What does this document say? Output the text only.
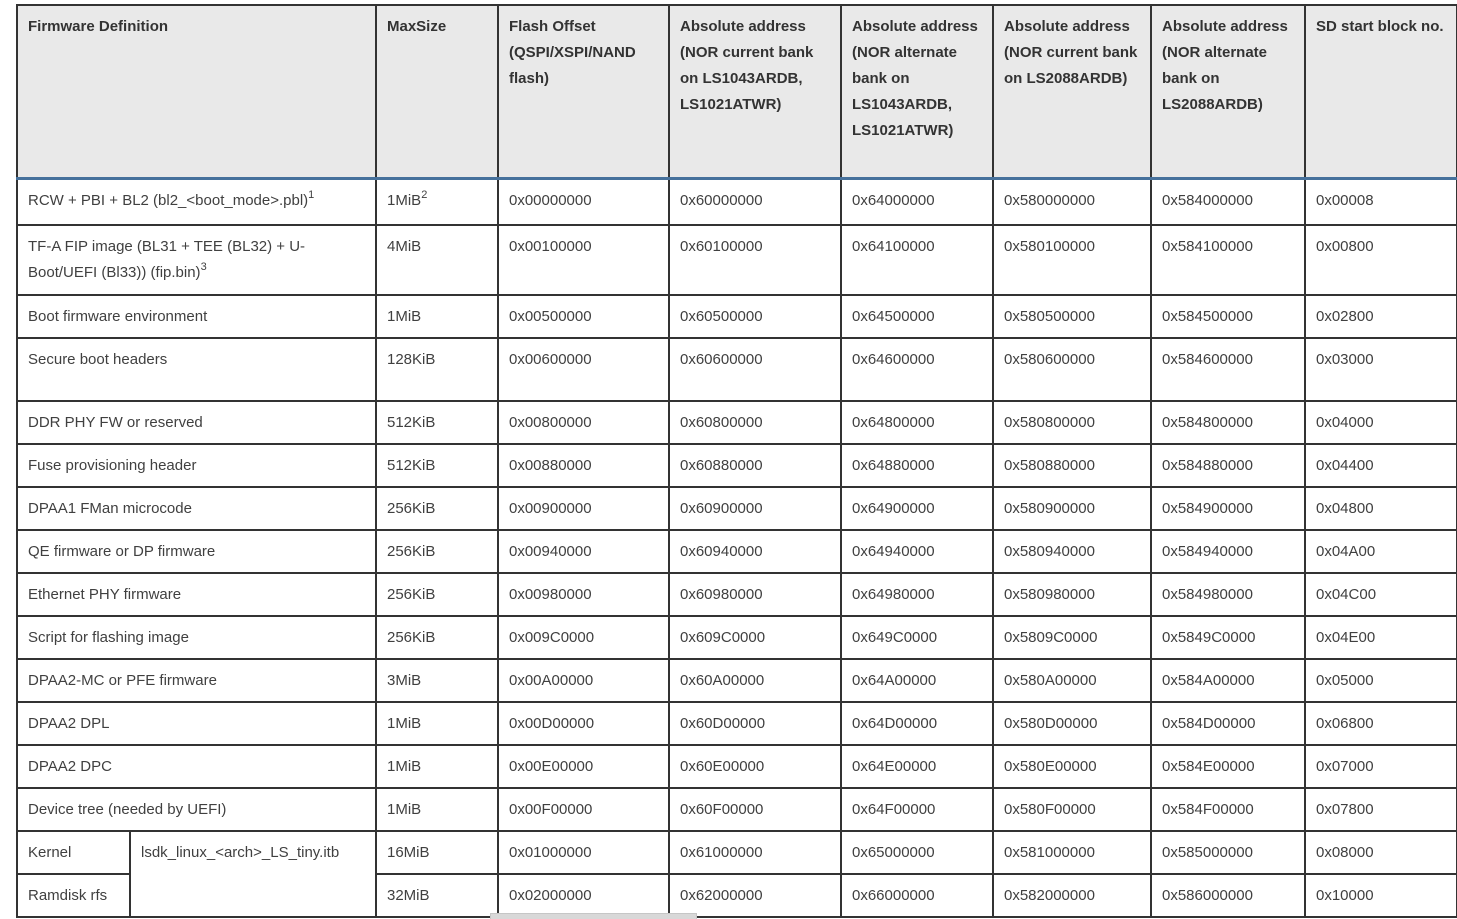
Firmware Definition		MaxSize	Flash Offset (QSPI/XSPI/NAND flash)	Absolute address (NOR current bank on LS1043ARDB, LS1021ATWR)	Absolute address (NOR alternate bank on LS1043ARDB, LS1021ATWR)	Absolute address (NOR current bank on LS2088ARDB)	Absolute address (NOR alternate bank on LS2088ARDB)	SD start block no.
RCW + PBI + BL2 (bl2_<boot_mode>.pbl)$^1$		1MiB$^2$	0x00000000	0x60000000	0x64000000	0x580000000	0x584000000	0x00008
TF-A FIP image (BL31 + TEE (BL32) + U-Boot/UEFI (Bl33)) (fip.bin)$^3$		4MiB	0x00100000	0x60100000	0x64100000	0x580100000	0x584100000	0x00800
Boot firmware environment		1MiB	0x00500000	0x60500000	0x64500000	0x580500000	0x584500000	0x02800
Secure boot headers		128KiB	0x00600000	0x60600000	0x64600000	0x580600000	0x584600000	0x03000
DDR PHY FW or reserved		512KiB	0x00800000	0x60800000	0x64800000	0x580800000	0x584800000	0x04000
Fuse provisioning header		512KiB	0x00880000	0x60880000	0x64880000	0x580880000	0x584880000	0x04400
DPAA1 FMan microcode		256KiB	0x00900000	0x60900000	0x64900000	0x580900000	0x584900000	0x04800
QE firmware or DP firmware		256KiB	0x00940000	0x60940000	0x64940000	0x580940000	0x584940000	0x04A00
Ethernet PHY firmware		256KiB	0x00980000	0x60980000	0x64980000	0x580980000	0x584980000	0x04C00
Script for flashing image		256KiB	0x009C0000	0x609C0000	0x649C0000	0x5809C0000	0x5849C0000	0x04E00
DPAA2-MC or PFE firmware		3MiB	0x00A00000	0x60A00000	0x64A00000	0x580A00000	0x584A00000	0x05000
DPAA2 DPL		1MiB	0x00D00000	0x60D00000	0x64D00000	0x580D00000	0x584D00000	0x06800
DPAA2 DPC		1MiB	0x00E00000	0x60E00000	0x64E00000	0x580E00000	0x584E00000	0x07000
Device tree (needed by UEFI)		1MiB	0x00F00000	0x60F00000	0x64F00000	0x580F00000	0x584F00000	0x07800
Kernel	lsdk_linux_<arch>_LS_tiny.itb	16MiB	0x01000000	0x61000000	0x65000000	0x581000000	0x585000000	0x08000
Ramdisk rfs		32MiB	0x02000000	0x62000000	0x66000000	0x582000000	0x586000000	0x10000
